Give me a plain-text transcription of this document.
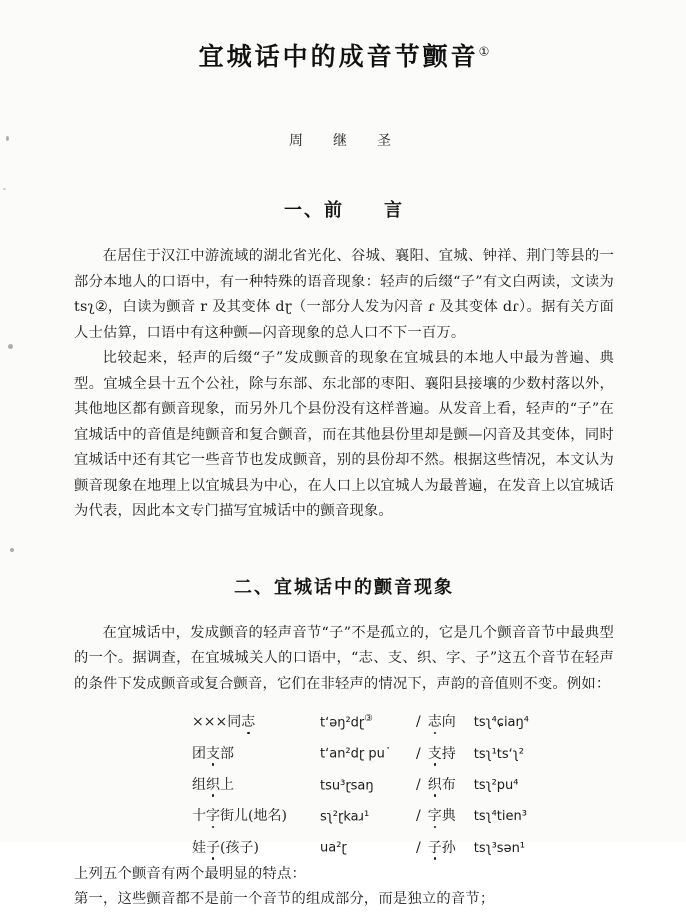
宜城话中的成音节颤音①
周　继　圣
一、前　　言

在居住于汉江中游流域的湖北省光化、谷城、襄阳、宜城、钟祥、荆门等县的一部分本地人的口语中，有一种特殊的语音现象：轻声的后缀“子”有文白两读，文读为 tsʅ②，白读为颤音 r 及其变体 dɽ（一部分人发为闪音 ɾ 及其变体 dɾ）。据有关方面人士估算，口语中有这种颤—闪音现象的总人口不下一百万。

比较起来，轻声的后缀“子”发成颤音的现象在宜城县的本地人中最为普遍、典型。宜城全县十五个公社，除与东部、东北部的枣阳、襄阳县接壤的少数村落以外，其他地区都有颤音现象，而另外几个县份没有这样普遍。从发音上看，轻声的“子”在宜城话中的音值是纯颤音和复合颤音，而在其他县份里却是颤—闪音及其变体，同时宜城话中还有其它一些音节也发成颤音，别的县份却不然。根据这些情况，本文认为颤音现象在地理上以宜城县为中心，在人口上以宜城人为最普遍，在发音上以宜城话为代表，因此本文专门描写宜城话中的颤音现象。

二、宜城话中的颤音现象

在宜城话中，发成颤音的轻声音节“子”不是孤立的，它是几个颤音音节中最典型的一个。据调查，在宜城城关人的口语中，“志、支、织、字、子”这五个音节在轻声的条件下发成颤音或复合颤音，它们在非轻声的情况下，声韵的音值则不变。例如：

×××同志	tʻəŋ²dɽ③	/ 志向	tsʅ⁴ɕiaŋ⁴
团支部	tʻan²dɽ pu˙	/ 支持	tsʅ¹tsʻʅ²
组织上	tsu³ɽsaŋ	/ 织布	tsʅ²pu⁴
十字街儿(地名)	sʅ²ɽkaɹ¹	/ 字典	tsʅ⁴tien³
娃子(孩子)	ua²ɽ	/ 子孙	tsʅ³sən¹

上列五个颤音有两个最明显的特点：

第一，这些颤音都不是前一个音节的组成部分，而是独立的音节；
